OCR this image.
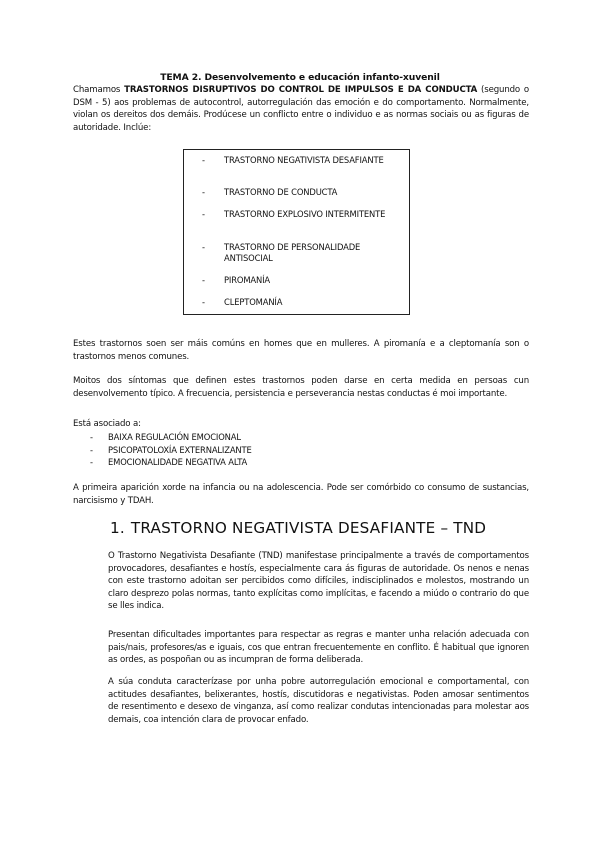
TEMA 2. Desenvolvemento e educación infanto-xuvenil
Chamamos TRASTORNOS DISRUPTIVOS DO CONTROL DE IMPULSOS E DA CONDUCTA (segundo o DSM - 5) aos problemas de autocontrol, autorregulación das emoción e do comportamento. Normalmente, violan os dereitos dos demáis. Prodúcese un conflicto entre o individuo e as normas sociais ou as figuras de autoridade. Inclúe:
- TRASTORNO NEGATIVISTA DESAFIANTE
- TRASTORNO DE CONDUCTA
- TRASTORNO EXPLOSIVO INTERMITENTE
- TRASTORNO DE PERSONALIDADE ANTISOCIAL
- PIROMANÍA
- CLEPTOMANÍA
Estes trastornos soen ser máis comúns en homes que en mulleres. A piromanía e a cleptomanía son o trastornos menos comunes.
Moitos dos síntomas que definen estes trastornos poden darse en certa medida en persoas cun desenvolvemento típico. A frecuencia, persistencia e perseverancia nestas conductas é moi importante.
Está asociado a:
- BAIXA REGULACIÓN EMOCIONAL
- PSICOPATOLOXÍA EXTERNALIZANTE
- EMOCIONALIDADE NEGATIVA ALTA
A primeira aparición xorde na infancia ou na adolescencia. Pode ser comórbido co consumo de sustancias, narcisismo y TDAH.
1. TRASTORNO NEGATIVISTA DESAFIANTE – TND
O Trastorno Negativista Desafiante (TND) manifestase principalmente a través de comportamentos provocadores, desafiantes e hostís, especialmente cara ás figuras de autoridade. Os nenos e nenas con este trastorno adoitan ser percibidos como difíciles, indisciplinados e molestos, mostrando un claro desprezo polas normas, tanto explícitas como implícitas, e facendo a miúdo o contrario do que se lles indica.
Presentan dificultades importantes para respectar as regras e manter unha relación adecuada con pais/nais, profesores/as e iguais, cos que entran frecuentemente en conflito. É habitual que ignoren as ordes, as pospoñan ou as incumpran de forma deliberada.
A súa conduta caracterízase por unha pobre autorregulación emocional e comportamental, con actitudes desafiantes, belixerantes, hostís, discutidoras e negativistas. Poden amosar sentimentos de resentimento e desexo de vinganza, así como realizar condutas intencionadas para molestar aos demais, coa intención clara de provocar enfado.
